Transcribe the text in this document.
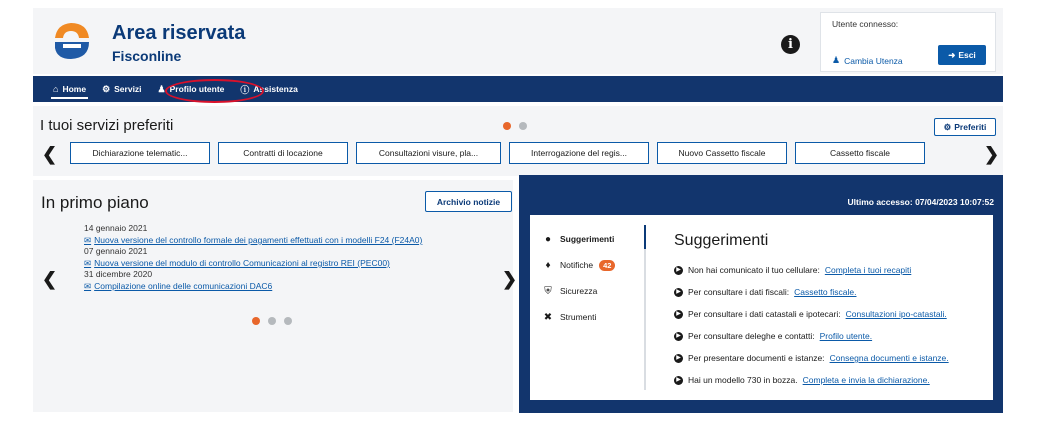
Area riservata
Fisconline
i
Utente connesso:
♟ Cambia Utenza
➜ Esci
⌂ Home ⚙ Servizi ♟ Profilo utente ⓘ Assistenza
I tuoi servizi preferiti	⚙ Preferiti
❮	Dichiarazione telematic...	Contratti di locazione	Consultazioni visure, pla...	Interrogazione del regis...	Nuovo Cassetto fiscale	Cassetto fiscale	❯
In primo piano	Archivio notizie
❮
14 gennaio 2021
✉ Nuova versione del controllo formale dei pagamenti effettuati con i modelli F24 (F24A0)
07 gennaio 2021
✉ Nuova versione del modulo di controllo Comunicazioni al registro REI (PEC00)
31 dicembre 2020
✉ Compilazione online delle comunicazioni DAC6	❯
Ultimo accesso: 07/04/2023 10:07:52
●	Suggerimenti
♦	Notifiche	42
⛨ Sicurezza
✖ Strumenti
Suggerimenti
▶ Non hai comunicato il tuo cellulare: Completa i tuoi recapiti
▶ Per consultare i dati fiscali: Cassetto fiscale.
▶ Per consultare i dati catastali e ipotecari: Consultazioni ipo-catastali.
▶ Per consultare deleghe e contatti: Profilo utente.
▶ Per presentare documenti e istanze: Consegna documenti e istanze.
▶ Hai un modello 730 in bozza. Completa e invia la dichiarazione.
